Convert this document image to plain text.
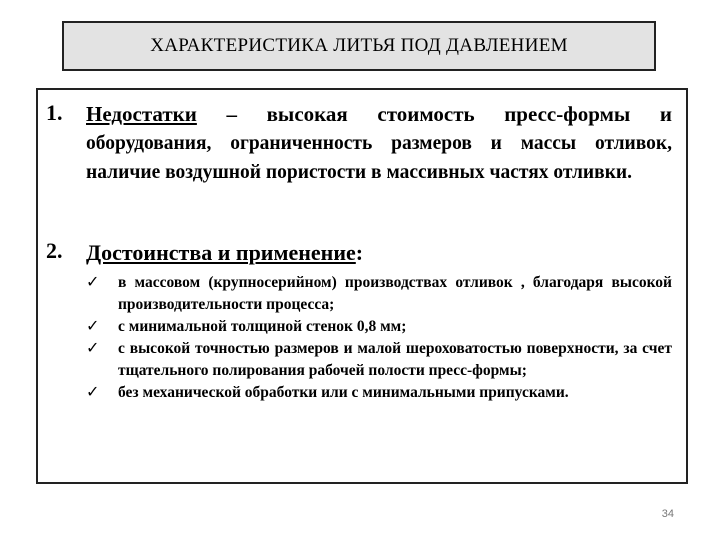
ХАРАКТЕРИСТИКА ЛИТЬЯ ПОД ДАВЛЕНИЕМ
1.	Недостатки – высокая стоимость пресс-формы и
оборудования, ограниченность размеров и массы отливок, наличие воздушной пористости в массивных частях отливки.
2.	Достоинства и применение:
✓ в массовом (крупносерийном) производствах отливок , благодаря высокой производительности процесса;
✓ с минимальной толщиной стенок 0,8 мм;
✓ с высокой точностью размеров и малой шероховатостью поверхности, за счет тщательного полирования рабочей полости пресс-формы;
✓ без механической обработки или с минимальными припусками.
34
